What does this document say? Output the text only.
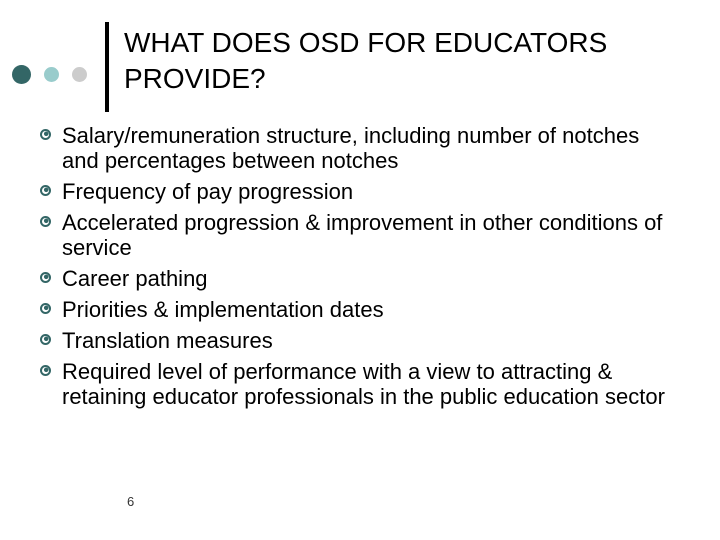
WHAT DOES OSD FOR EDUCATORS PROVIDE?
Salary/remuneration structure, including number of notches and percentages between notches
Frequency of pay progression
Accelerated progression & improvement in other conditions of service
Career pathing
Priorities & implementation dates
Translation measures
Required level of performance with a view to attracting & retaining educator professionals in the public education sector
6
